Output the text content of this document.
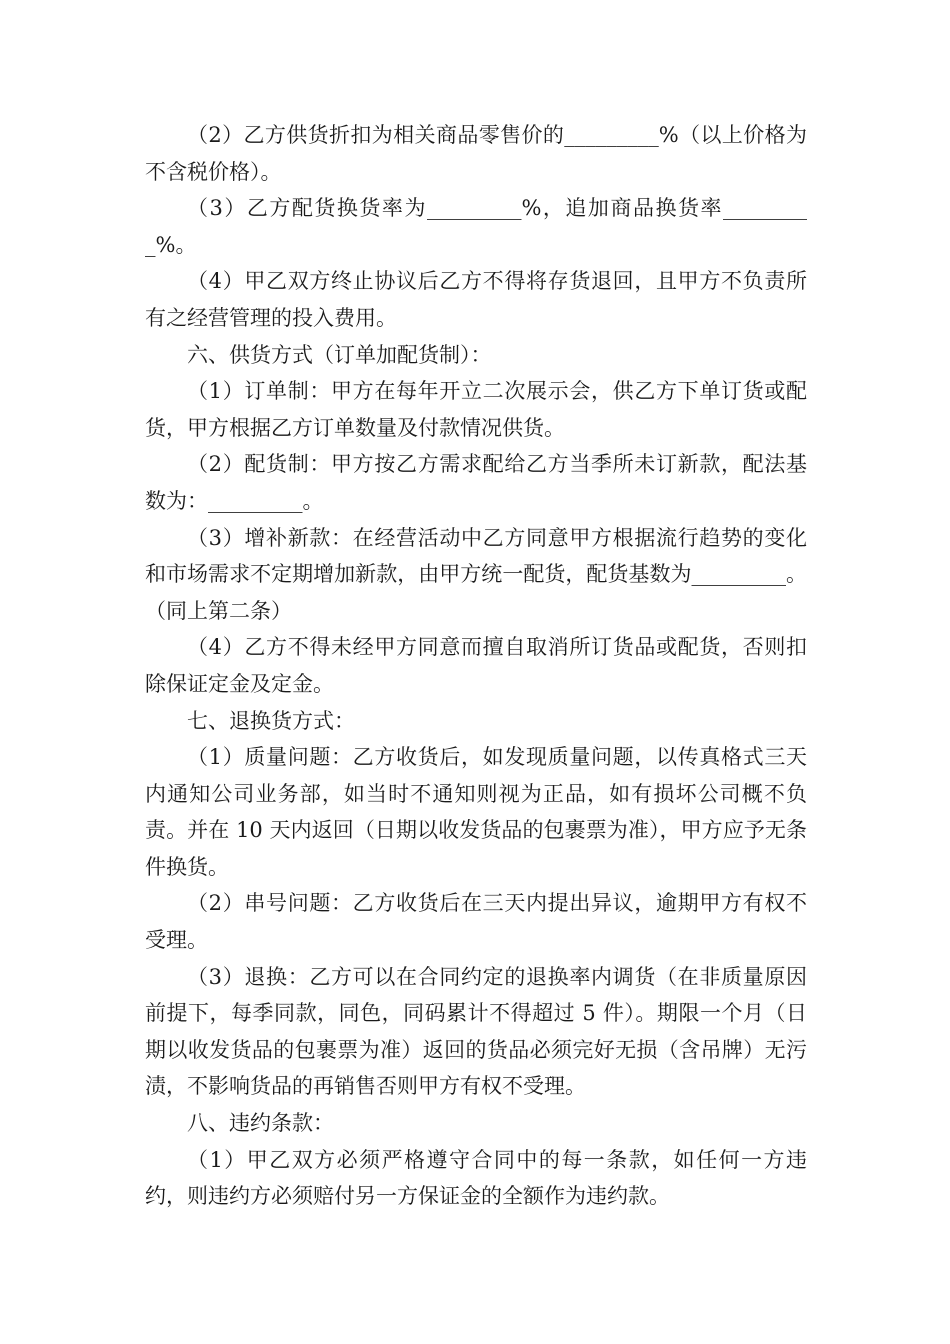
（2）乙方供货折扣为相关商品零售价的_________%（以上价格为不含税价格）。

（3）乙方配货换货率为_________%，追加商品换货率_________%。

（4）甲乙双方终止协议后乙方不得将存货退回，且甲方不负责所有之经营管理的投入费用。

六、供货方式（订单加配货制）：

（1）订单制：甲方在每年开立二次展示会，供乙方下单订货或配货，甲方根据乙方订单数量及付款情况供货。

（2）配货制：甲方按乙方需求配给乙方当季所未订新款，配法基数为：_________。

（3）增补新款：在经营活动中乙方同意甲方根据流行趋势的变化和市场需求不定期增加新款，由甲方统一配货，配货基数为_________。（同上第二条）

（4）乙方不得未经甲方同意而擅自取消所订货品或配货，否则扣除保证定金及定金。

七、退换货方式：

（1）质量问题：乙方收货后，如发现质量问题，以传真格式三天内通知公司业务部，如当时不通知则视为正品，如有损坏公司概不负责。并在 10 天内返回（日期以收发货品的包裹票为准），甲方应予无条件换货。

（2）串号问题：乙方收货后在三天内提出异议，逾期甲方有权不受理。

（3）退换：乙方可以在合同约定的退换率内调货（在非质量原因前提下，每季同款，同色，同码累计不得超过 5 件）。期限一个月（日期以收发货品的包裹票为准）返回的货品必须完好无损（含吊牌）无污渍，不影响货品的再销售否则甲方有权不受理。

八、违约条款：

（1）甲乙双方必须严格遵守合同中的每一条款，如任何一方违约，则违约方必须赔付另一方保证金的全额作为违约款。
